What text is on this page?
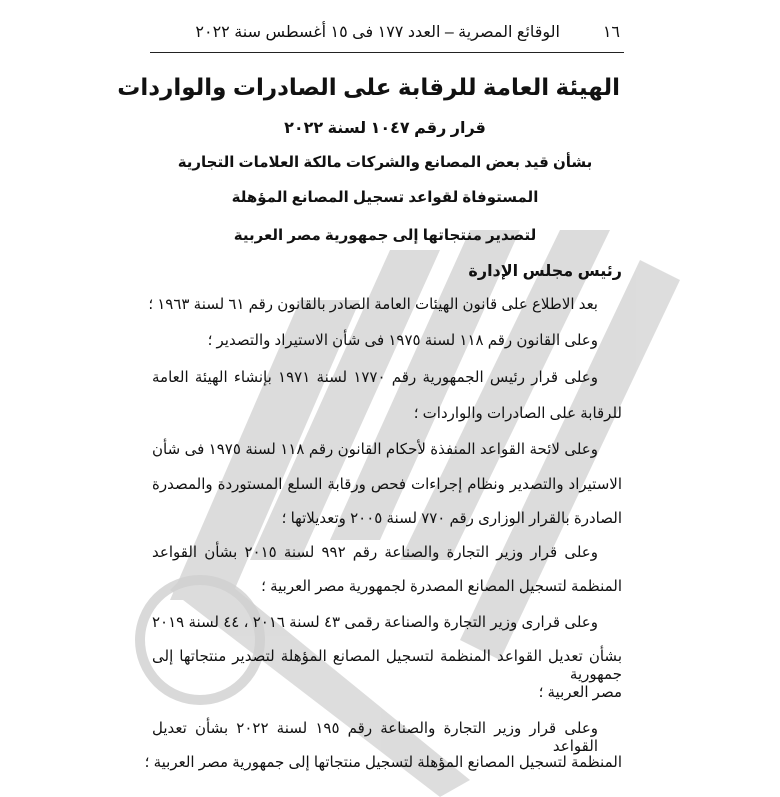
١٦
الوقائع المصرية – العدد ١٧٧ فى ١٥ أغسطس سنة ٢٠٢٢
الهيئة العامة للرقابة على الصادرات والواردات
قرار رقم ١٠٤٧ لسنة ٢٠٢٢
بشأن قيد بعض المصانع والشركات مالكة العلامات التجارية
المستوفاة لقواعد تسجيل المصانع المؤهلة
لتصدير منتجاتها إلى جمهورية مصر العربية
رئيس مجلس الإدارة
بعد الاطلاع على قانون الهيئات العامة الصادر بالقانون رقم ٦١ لسنة ١٩٦٣ ؛
وعلى القانون رقم ١١٨ لسنة ١٩٧٥ فى شأن الاستيراد والتصدير ؛
وعلى قرار رئيس الجمهورية رقم ١٧٧٠ لسنة ١٩٧١ بإنشاء الهيئة العامة
للرقابة على الصادرات والواردات ؛
وعلى لائحة القواعد المنفذة لأحكام القانون رقم ١١٨ لسنة ١٩٧٥ فى شأن
الاستيراد والتصدير ونظام إجراءات فحص ورقابة السلع المستوردة والمصدرة
الصادرة بالقرار الوزارى رقم ٧٧٠ لسنة ٢٠٠٥ وتعديلاتها ؛
وعلى قرار وزير التجارة والصناعة رقم ٩٩٢ لسنة ٢٠١٥ بشأن القواعد
المنظمة لتسجيل المصانع المصدرة لجمهورية مصر العربية ؛
وعلى قرارى وزير التجارة والصناعة رقمى ٤٣ لسنة ٢٠١٦ ، ٤٤ لسنة ٢٠١٩
بشأن تعديل القواعد المنظمة لتسجيل المصانع المؤهلة لتصدير منتجاتها إلى جمهورية
مصر العربية ؛
وعلى قرار وزير التجارة والصناعة رقم ١٩٥ لسنة ٢٠٢٢ بشأن تعديل القواعد
المنظمة لتسجيل المصانع المؤهلة لتسجيل منتجاتها إلى جمهورية مصر العربية ؛
